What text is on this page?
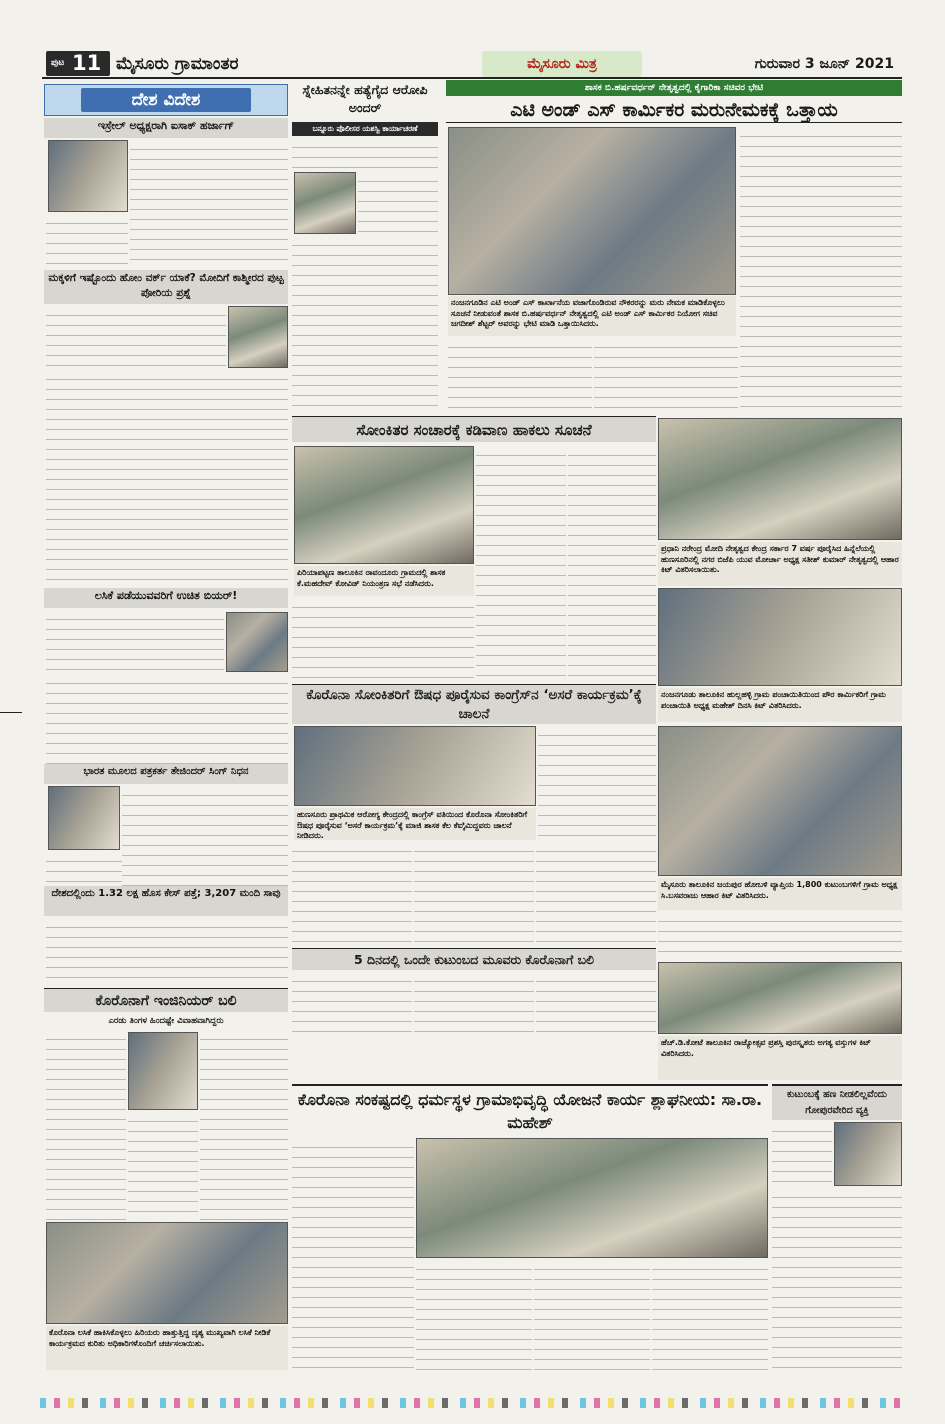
ಪುಟ 11 ಮೈಸೂರು ಗ್ರಾಮಾಂತರ	ಮೈಸೂರು ಮಿತ್ರ	ಗುರುವಾರ 3 ಜೂನ್ 2021
ದೇಶ ವಿದೇಶ
ಇಸ್ರೇಲ್ ಅಧ್ಯಕ್ಷರಾಗಿ ಐಸಾಕ್ ಹರ್ಜಾಗ್
ಮಕ್ಕಳಿಗೆ ಇಷ್ಟೊಂದು ಹೋಂ ವರ್ಕ್ ಯಾಕೆ? ಮೋದಿಗೆ ಕಾಶ್ಮೀರದ ಪುಟ್ಟ ಪೋರಿಯ ಪ್ರಶ್ನೆ
ಲಸಿಕೆ ಪಡೆಯುವವರಿಗೆ ಉಚಿತ ಬಿಯರ್!
ಭಾರತ ಮೂಲದ ಪತ್ರಕರ್ತ ತೇಜಿಂದರ್ ಸಿಂಗ್ ನಿಧನ
ದೇಶದಲ್ಲಿಂದು 1.32 ಲಕ್ಷ ಹೊಸ ಕೇಸ್ ಪತ್ತೆ; 3,207 ಮಂದಿ ಸಾವು
ಸ್ನೇಹಿತನನ್ನೇ ಹತ್ಯೆಗೈದ ಆರೋಪಿ ಅಂದರ್
ಬನ್ನೂರು ಪೊಲೀಸರ ಯಶಸ್ವಿ ಕಾರ್ಯಾಚರಣೆ
ಶಾಸಕ ಬಿ.ಹರ್ಷವರ್ಧನ್ ನೇತೃತ್ವದಲ್ಲಿ ಕೈಗಾರಿಕಾ ಸಚಿವರ ಭೇಟಿ
ಎಟಿ ಅಂಡ್ ಎಸ್ ಕಾರ್ಮಿಕರ ಮರುನೇಮಕಕ್ಕೆ ಒತ್ತಾಯ
ನಂಜನಗೂಡಿನ ಎಟಿ ಅಂಡ್ ಎಸ್ ಕಾರ್ಖಾನೆಯ ವಜಾಗೊಂಡಿರುವ ನೌಕರರನ್ನು ಮರು ನೇಮಕ ಮಾಡಿಕೊಳ್ಳಲು ಸೂಚನೆ ನೀಡುವಂತೆ ಶಾಸಕ ಬಿ.ಹರ್ಷವರ್ಧನ್ ನೇತೃತ್ವದಲ್ಲಿ ಎಟಿ ಅಂಡ್ ಎಸ್ ಕಾರ್ಮಿಕರ ನಿಯೋಗ ಸಚಿವ ಜಗದೀಶ್ ಶೆಟ್ಟರ್ ಅವರನ್ನು ಭೇಟಿ ಮಾಡಿ ಒತ್ತಾಯಿಸಿದರು.
ಸೋಂಕಿತರ ಸಂಚಾರಕ್ಕೆ ಕಡಿವಾಣ ಹಾಕಲು ಸೂಚನೆ
ಪಿರಿಯಾಪಟ್ಟಣ ತಾಲೂಕಿನ ರಾವಂದೂರು ಗ್ರಾಮದಲ್ಲಿ ಶಾಸಕ ಕೆ.ಮಹದೇವ್ ಕೋವಿಡ್ ನಿಯಂತ್ರಣ ಸಭೆ ನಡೆಸಿದರು.
ಕೊರೊನಾ ಸೋಂಕಿತರಿಗೆ ಔಷಧ ಪೂರೈಸುವ ಕಾಂಗ್ರೆಸ್‌ನ ‘ಅಸರೆ ಕಾರ್ಯಕ್ರಮ’ಕ್ಕೆ ಚಾಲನೆ
ಹುಣಸೂರು ಪ್ರಾಥಮಿಕ ಆರೋಗ್ಯ ಕೇಂದ್ರದಲ್ಲಿ ಕಾಂಗ್ರೆಸ್ ವತಿಯಿಂದ ಕೊರೊನಾ ಸೋಂಕಿತರಿಗೆ ಔಷಧ ಪೂರೈಸುವ ‘ಅಸರೆ ಕಾರ್ಯಕ್ರಮ’ಕ್ಕೆ ಮಾಜಿ ಶಾಸಕ ಕೆಲ ಕೆಐ್ಕಿಮಿದ್ದವರು ಚಾಲನೆ ನೀಡಿದರು.
5 ದಿನದಲ್ಲಿ ಒಂದೇ ಕುಟುಂಬದ ಮೂವರು ಕೊರೊನಾಗೆ ಬಲಿ
ಪ್ರಧಾನಿ ನರೇಂದ್ರ ಮೋದಿ ನೇತೃತ್ವದ ಕೇಂದ್ರ ಸರ್ಕಾರ 7 ವರ್ಷ ಪೂರೈಸಿದ ಹಿನ್ನೆಲೆಯಲ್ಲಿ ಹುಣಸೂರಿನಲ್ಲಿ ನಗರ ಬಿಜೆಪಿ ಯುವ ಮೋರ್ಚಾ ಅಧ್ಯಕ್ಷ ಸತೀಶ್ ಕುಮಾರ್ ನೇತೃತ್ವದಲ್ಲಿ ಆಹಾರ ಕಿಟ್ ವಿತರಿಸಲಾಯಿತು.
ನಂಜನಗೂಡು ತಾಲೂಕಿನ ಹುಲ್ಲಹಳ್ಳಿ ಗ್ರಾಮ ಪಂಚಾಯಿತಿಯಿಂದ ಪೌರ ಕಾರ್ಮಿಕರಿಗೆ ಗ್ರಾಮ ಪಂಚಾಯಿತಿ ಅಧ್ಯಕ್ಷ ಮಹೇಶ್ ದಿನಸಿ ಕಿಟ್ ವಿತರಿಸಿದರು.
ಮೈಸೂರು ತಾಲೂಕಿನ ಜಯಪುರ ಹೋಬಳಿ ವ್ಯಾಪ್ತಿಯ 1,800 ಕುಟುಂಬಗಳಿಗೆ ಗ್ರಾಮ ಅಧ್ಯಕ್ಷ ಸಿ.ಬಸವರಾಜು ಆಹಾರ ಕಿಟ್ ವಿತರಿಸಿದರು.
ಹೆಚ್.ಡಿ.ಕೋಟೆ ತಾಲೂಕಿನ ರಾಜ್ಯೋತ್ಸವ ಪ್ರಶಸ್ತಿ ಪುರಸ್ಕೃತರು ಅಗತ್ಯ ವಸ್ತುಗಳ ಕಿಟ್ ವಿತರಿಸಿದರು.
ಕೊರೊನಾಗೆ ಇಂಜಿನಿಯರ್ ಬಲಿ
ಎರಡು ತಿಂಗಳ ಹಿಂದಷ್ಟೇ ವಿವಾಹವಾಗಿದ್ದರು
ಕೊರೊನಾ ಲಸಿಕೆ ಹಾಕಿಸಿಕೊಳ್ಳಲು ಹಿರಿಯರು ಹಾತ್ತುತ್ತಿದ್ದ ದೃಶ್ಯ ಮುಖ್ಯವಾಗಿ ಲಸಿಕೆ ನೀಡಿಕೆ ಕಾರ್ಯಕ್ರಮದ ಕುರಿತು ಅಧಿಕಾರಿಗಳೊಂದಿಗೆ ಚರ್ಚಿಸಲಾಯಿತು.
ಕೊರೊನಾ ಸಂಕಷ್ಟದಲ್ಲಿ ಧರ್ಮಸ್ಥಳ ಗ್ರಾಮಾಭಿವೃದ್ಧಿ ಯೋಜನೆ ಕಾರ್ಯ ಶ್ಲಾಘನೀಯ: ಸಾ.ರಾ. ಮಹೇಶ್
ಕುಟುಂಬಕ್ಕೆ ಹಣ ನೀಡಲಿಲ್ಲವೆಂದು ಗೋಪುರವೇರಿದ ವ್ಯಕ್ತಿ
